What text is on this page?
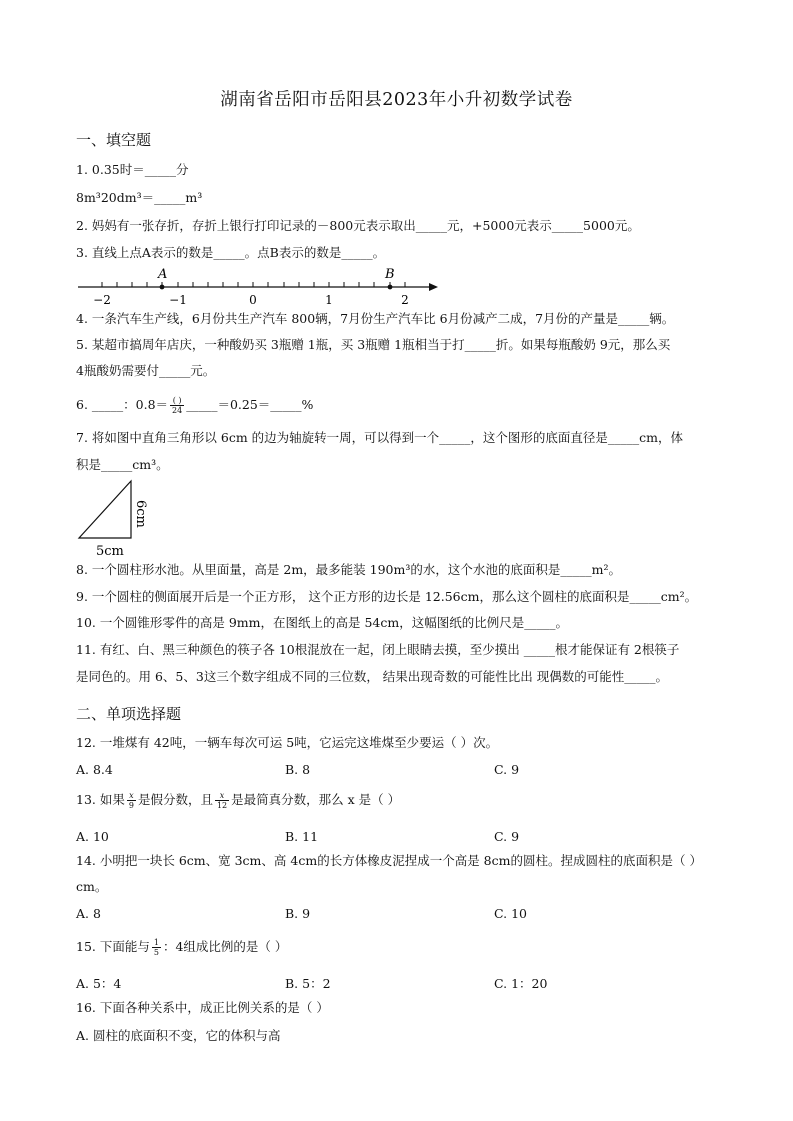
湖南省岳阳市岳阳县2023年小升初数学试卷
一、填空题
1. 0.35时＝_____分
8m³20dm³＝_____m³
2. 妈妈有一张存折，存折上银行打印记录的－800元表示取出_____元，+5000元表示_____5000元。
3. 直线上点A表示的数是_____。点B表示的数是_____。
A	B
−2	−1	0	1	2
4. 一条汽车生产线，6月份共生产汽车 800辆，7月份生产汽车比 6月份减产二成，7月份的产量是_____辆。
5. 某超市搞周年店庆，一种酸奶买 3瓶赠 1瓶，买 3瓶赠 1瓶相当于打_____折。如果每瓶酸奶 9元，那么买
4瓶酸奶需要付_____元。
6. _____：$0.8= \frac{( )}{24}$ _____＝0.25＝_____%
7. 将如图中直角三角形以 6cm 的边为轴旋转一周，可以得到一个_____，这个图形的底面直径是_____cm，体
积是_____cm³。
6cm
5cm
8. 一个圆柱形水池。从里面量，高是 2m，最多能装 190m³的水，这个水池的底面积是_____m²。
9. 一个圆柱的侧面展开后是一个正方形， 这个正方形的边长是 12.56cm，那么这个圆柱的底面积是_____cm²。
10. 一个圆锥形零件的高是 9mm，在图纸上的高是 54cm，这幅图纸的比例尺是_____。
11. 有红、白、黑三种颜色的筷子各 10根混放在一起，闭上眼睛去摸，至少摸出 _____根才能保证有 2根筷子
是同色的。用 6、5、3这三个数字组成不同的三位数， 结果出现奇数的可能性比出 现偶数的可能性_____。
二、单项选择题
12. 一堆煤有 42吨，一辆车每次可运 5吨，它运完这堆煤至少要运（ ）次。
A. 8.4	B. 8	C. 9
13. 如果 $\frac{x}{9}$ 是假分数，且 $\frac{x}{12}$ 是最简真分数，那么 x 是（ ）
A. 10	B. 11	C. 9
14. 小明把一块长 6cm、宽 3cm、高 4cm的长方体橡皮泥捏成一个高是 8cm的圆柱。捏成圆柱的底面积是（ ）
cm。
A. 8	B. 9	C. 10
15. 下面能与 $\frac{1}{5}$ ：4组成比例的是（ ）
A. 5：4	B. 5：2	C. 1：20
16. 下面各种关系中，成正比例关系的是（ ）
A. 圆柱的底面积不变，它的体积与高
